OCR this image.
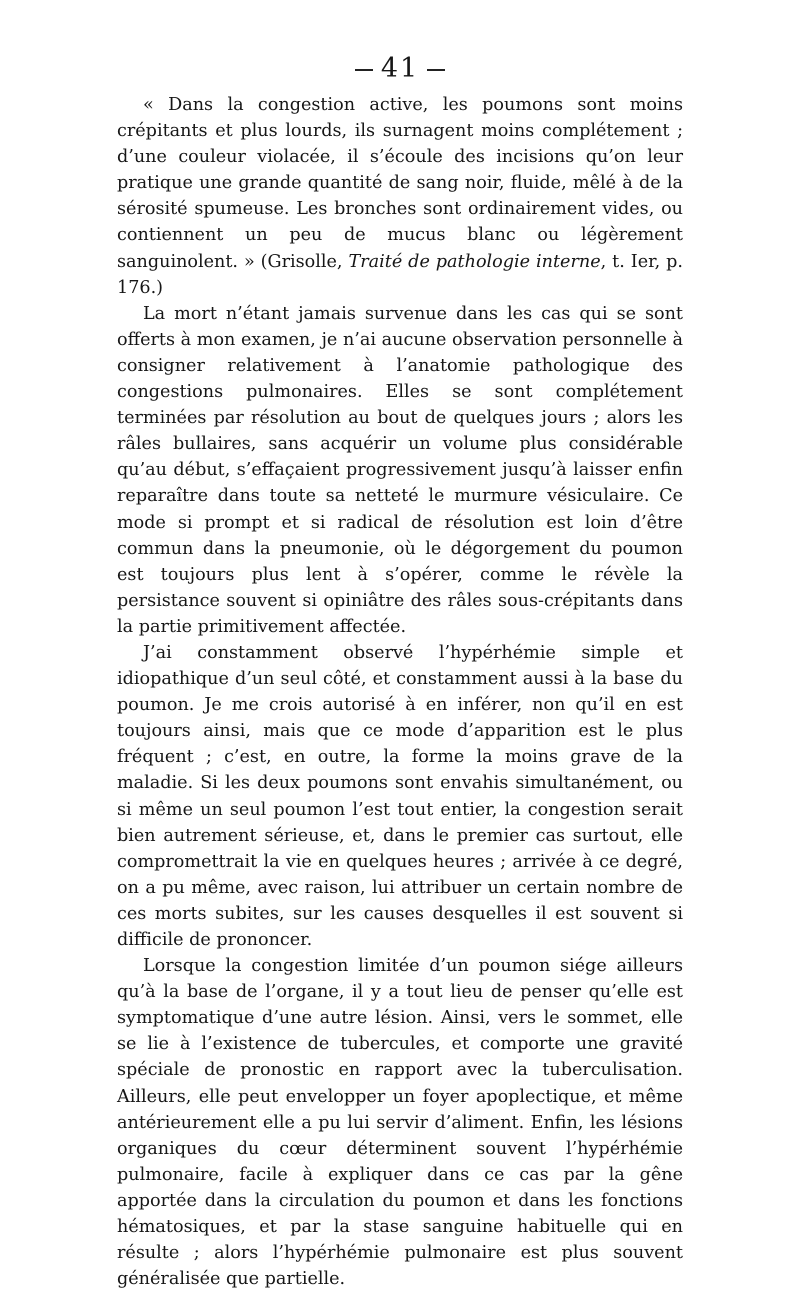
41

« Dans la congestion active, les poumons sont moins crépitants et plus lourds, ils surnagent moins complétement ; d’une couleur violacée, il s’écoule des incisions qu’on leur pratique une grande quantité de sang noir, fluide, mêlé à de la sérosité spumeuse. Les bronches sont ordinairement vides, ou contiennent un peu de mucus blanc ou légèrement sanguinolent. » (Grisolle, Traité de pathologie interne, t. Ier, p. 176.)

La mort n’étant jamais survenue dans les cas qui se sont offerts à mon examen, je n’ai aucune observation personnelle à consigner relativement à l’anatomie pathologique des congestions pulmonaires. Elles se sont complétement terminées par résolution au bout de quelques jours ; alors les râles bullaires, sans acquérir un volume plus considérable qu’au début, s’effaçaient progressivement jusqu’à laisser enfin reparaître dans toute sa netteté le murmure vésiculaire. Ce mode si prompt et si radical de résolution est loin d’être commun dans la pneumonie, où le dégorgement du poumon est toujours plus lent à s’opérer, comme le révèle la persistance souvent si opiniâtre des râles sous-crépitants dans la partie primitivement affectée.

J’ai constamment observé l’hypérhémie simple et idiopathique d’un seul côté, et constamment aussi à la base du poumon. Je me crois autorisé à en inférer, non qu’il en est toujours ainsi, mais que ce mode d’apparition est le plus fréquent ; c’est, en outre, la forme la moins grave de la maladie. Si les deux poumons sont envahis simultanément, ou si même un seul poumon l’est tout entier, la congestion serait bien autrement sérieuse, et, dans le premier cas surtout, elle compromettrait la vie en quelques heures ; arrivée à ce degré, on a pu même, avec raison, lui attribuer un certain nombre de ces morts subites, sur les causes desquelles il est souvent si difficile de prononcer.

Lorsque la congestion limitée d’un poumon siége ailleurs qu’à la base de l’organe, il y a tout lieu de penser qu’elle est symptomatique d’une autre lésion. Ainsi, vers le sommet, elle se lie à l’existence de tubercules, et comporte une gravité spéciale de pronostic en rapport avec la tuberculisation. Ailleurs, elle peut envelopper un foyer apoplectique, et même antérieurement elle a pu lui servir d’aliment. Enfin, les lésions organiques du cœur déterminent souvent l’hypérhémie pulmonaire, facile à expliquer dans ce cas par la gêne apportée dans la circulation du poumon et dans les fonctions hématosiques, et par la stase sanguine habituelle qui en résulte ; alors l’hypérhémie pulmonaire est plus souvent généralisée que partielle.
